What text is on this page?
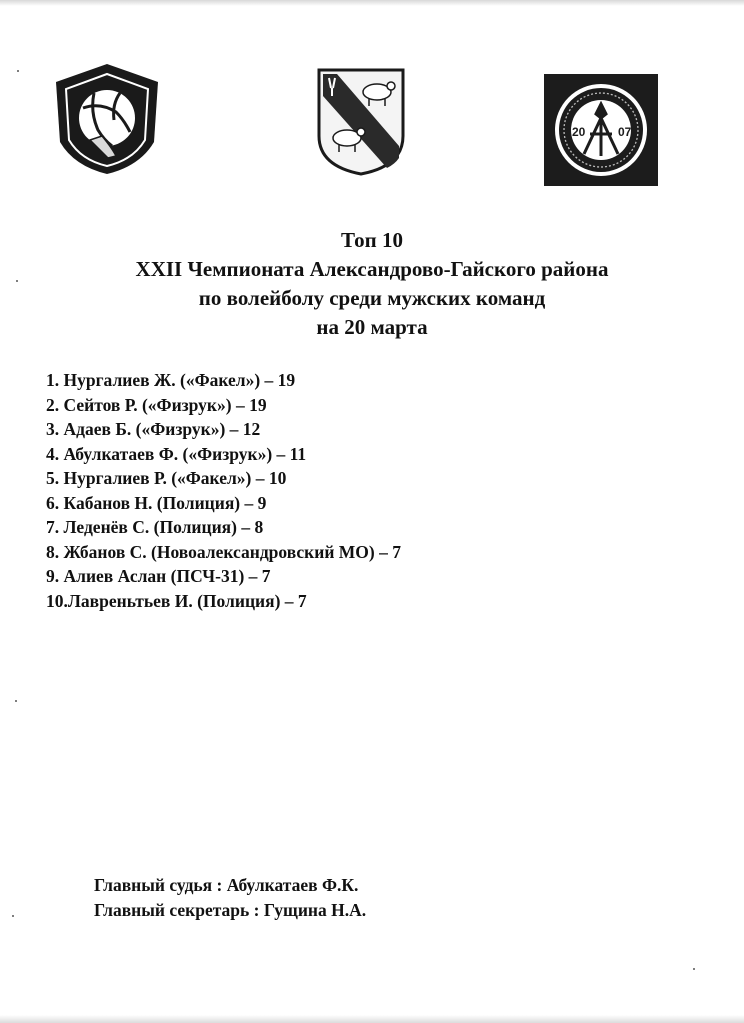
20	07
Топ 10
XXII Чемпионата Александрово-Гайского района
по волейболу среди мужских команд
на 20 марта
1. Нургалиев Ж. («Факел») – 19
2. Сейтов Р. («Физрук») – 19
3. Адаев Б. («Физрук») – 12
4. Абулкатаев Ф. («Физрук») – 11
5. Нургалиев Р. («Факел») – 10
6. Кабанов Н. (Полиция) – 9
7. Леденёв С. (Полиция) – 8
8. Жбанов С. (Новоалександровский МО) – 7
9. Алиев Аслан (ПСЧ-31) – 7
10.Лавреньтьев И. (Полиция) – 7
Главный судья : Абулкатаев Ф.К.
Главный секретарь : Гущина Н.А.
